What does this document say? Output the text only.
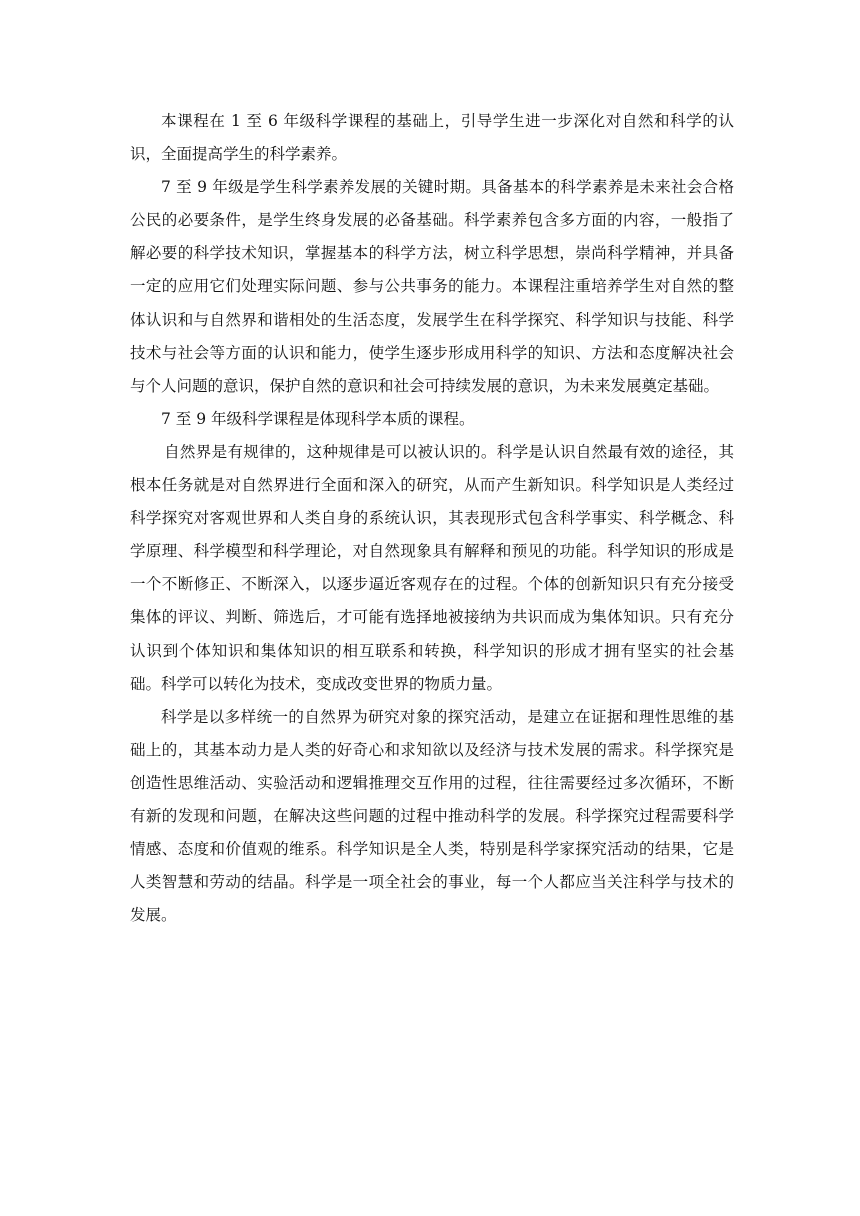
本课程在 1 至 6 年级科学课程的基础上，引导学生进一步深化对自然和科学的认识，全面提高学生的科学素养。

7 至 9 年级是学生科学素养发展的关键时期。具备基本的科学素养是未来社会合格公民的必要条件，是学生终身发展的必备基础。科学素养包含多方面的内容，一般指了解必要的科学技术知识，掌握基本的科学方法，树立科学思想，崇尚科学精神，并具备一定的应用它们处理实际问题、参与公共事务的能力。本课程注重培养学生对自然的整体认识和与自然界和谐相处的生活态度，发展学生在科学探究、科学知识与技能、科学技术与社会等方面的认识和能力，使学生逐步形成用科学的知识、方法和态度解决社会与个人问题的意识，保护自然的意识和社会可持续发展的意识，为未来发展奠定基础。

7 至 9 年级科学课程是体现科学本质的课程。

自然界是有规律的，这种规律是可以被认识的。科学是认识自然最有效的途径，其根本任务就是对自然界进行全面和深入的研究，从而产生新知识。科学知识是人类经过科学探究对客观世界和人类自身的系统认识，其表现形式包含科学事实、科学概念、科学原理、科学模型和科学理论，对自然现象具有解释和预见的功能。科学知识的形成是一个不断修正、不断深入，以逐步逼近客观存在的过程。个体的创新知识只有充分接受集体的评议、判断、筛选后，才可能有选择地被接纳为共识而成为集体知识。只有充分认识到个体知识和集体知识的相互联系和转换，科学知识的形成才拥有坚实的社会基础。科学可以转化为技术，变成改变世界的物质力量。

科学是以多样统一的自然界为研究对象的探究活动，是建立在证据和理性思维的基础上的，其基本动力是人类的好奇心和求知欲以及经济与技术发展的需求。科学探究是创造性思维活动、实验活动和逻辑推理交互作用的过程，往往需要经过多次循环，不断有新的发现和问题，在解决这些问题的过程中推动科学的发展。科学探究过程需要科学情感、态度和价值观的维系。科学知识是全人类，特别是科学家探究活动的结果，它是人类智慧和劳动的结晶。科学是一项全社会的事业，每一个人都应当关注科学与技术的发展。
